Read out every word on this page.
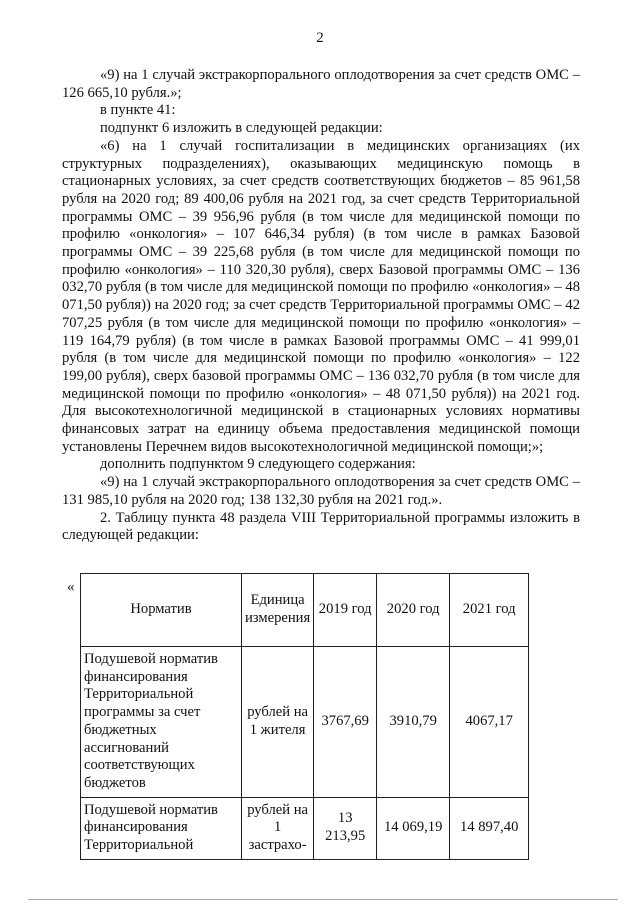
2

«9) на 1 случай экстракорпорального оплодотворения за счет средств ОМС – 126 665,10 рубля.»;

в пункте 41:

подпункт 6 изложить в следующей редакции:

«6) на 1 случай госпитализации в медицинских организациях (их структурных подразделениях), оказывающих медицинскую помощь в стационарных условиях, за счет средств соответствующих бюджетов – 85 961,58 рубля на 2020 год; 89 400,06 рубля на 2021 год, за счет средств Территориальной программы ОМС – 39 956,96 рубля (в том числе для медицинской помощи по профилю «онкология» – 107 646,34 рубля) (в том числе в рамках Базовой программы ОМС – 39 225,68 рубля (в том числе для медицинской помощи по профилю «онкология» – 110 320,30 рубля), сверх Базовой программы ОМС – 136 032,70 рубля (в том числе для медицинской помощи по профилю «онкология» – 48 071,50 рубля)) на 2020 год; за счет средств Территориальной программы ОМС – 42 707,25 рубля (в том числе для медицинской помощи по профилю «онкология» – 119 164,79 рубля) (в том числе в рамках Базовой программы ОМС – 41 999,01 рубля (в том числе для медицинской помощи по профилю «онкология» – 122 199,00 рубля), сверх базовой программы ОМС – 136 032,70 рубля (в том числе для медицинской помощи по профилю «онкология» – 48 071,50 рубля)) на 2021 год. Для высокотехнологичной медицинской в стационарных условиях нормативы финансовых затрат на единицу объема предоставления медицинской помощи установлены Перечнем видов высокотехнологичной медицинской помощи;»;

дополнить подпунктом 9 следующего содержания:

«9) на 1 случай экстракорпорального оплодотворения за счет средств ОМС – 131 985,10 рубля на 2020 год; 138 132,30 рубля на 2021 год.».

2. Таблицу пункта 48 раздела VIII Территориальной программы изложить в следующей редакции:

«
Норматив	Единица измерения	2019 год	2020 год	2021 год
Подушевой норматив финансирования Территориальной программы за счет бюджетных ассигнований соответствующих бюджетов	рублей на 1 жителя	3767,69	3910,79	4067,17
Подушевой норматив финансирования Территориальной	рублей на 1 застрахо-	13 213,95	14 069,19	14 897,40
